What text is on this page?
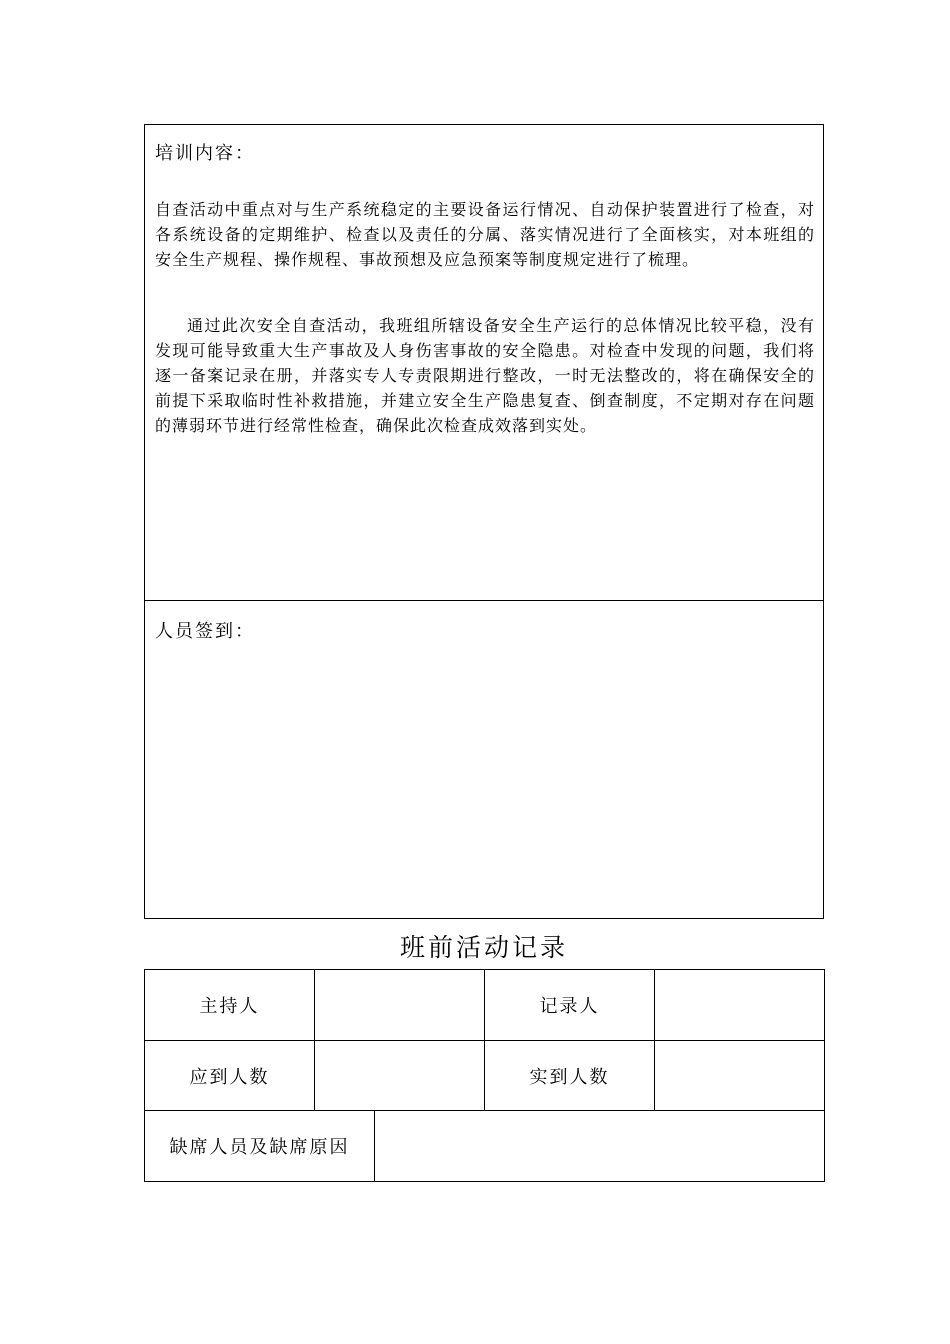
培训内容：

自查活动中重点对与生产系统稳定的主要设备运行情况、自动保护装置进行了检查，对各系统设备的定期维护、检查以及责任的分属、落实情况进行了全面核实，对本班组的安全生产规程、操作规程、事故预想及应急预案等制度规定进行了梳理。

通过此次安全自查活动，我班组所辖设备安全生产运行的总体情况比较平稳，没有发现可能导致重大生产事故及人身伤害事故的安全隐患。对检查中发现的问题，我们将逐一备案记录在册，并落实专人专责限期进行整改，一时无法整改的，将在确保安全的前提下采取临时性补救措施，并建立安全生产隐患复查、倒查制度，不定期对存在问题的薄弱环节进行经常性检查，确保此次检查成效落到实处。

人员签到：
班前活动记录
主持人			记录人	
应到人数			实到人数	
缺席人员及缺席原因				
